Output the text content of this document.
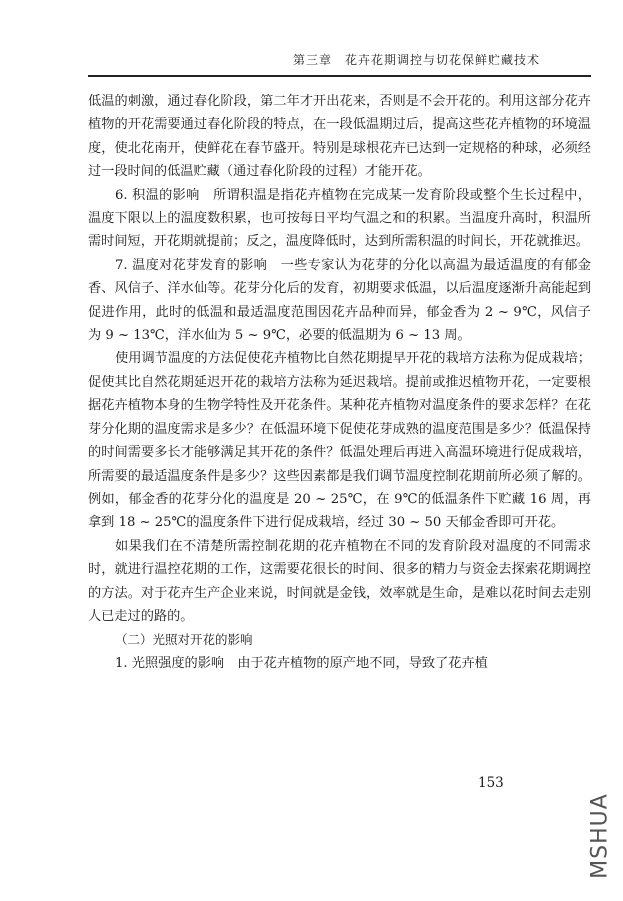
第三章　花卉花期调控与切花保鲜贮藏技术

低温的刺激，通过春化阶段，第二年才开出花来，否则是不会开花的。利用这部分花卉植物的开花需要通过春化阶段的特点，在一段低温期过后，提高这些花卉植物的环境温度，使北花南开，使鲜花在春节盛开。特别是球根花卉已达到一定规格的种球，必须经过一段时间的低温贮藏（通过春化阶段的过程）才能开花。

6. 积温的影响　所谓积温是指花卉植物在完成某一发育阶段或整个生长过程中，温度下限以上的温度数积累，也可按每日平均气温之和的积累。当温度升高时，积温所需时间短，开花期就提前；反之，温度降低时，达到所需积温的时间长，开花就推迟。

7. 温度对花芽发育的影响　一些专家认为花芽的分化以高温为最适温度的有郁金香、风信子、洋水仙等。花芽分化后的发育，初期要求低温，以后温度逐渐升高能起到促进作用，此时的低温和最适温度范围因花卉品种而异，郁金香为 2 ~ 9℃，风信子为 9 ~ 13℃，洋水仙为 5 ~ 9℃，必要的低温期为 6 ~ 13 周。

使用调节温度的方法促使花卉植物比自然花期提早开花的栽培方法称为促成栽培；促使其比自然花期延迟开花的栽培方法称为延迟栽培。提前或推迟植物开花，一定要根据花卉植物本身的生物学特性及开花条件。某种花卉植物对温度条件的要求怎样？在花芽分化期的温度需求是多少？在低温环境下促使花芽成熟的温度范围是多少？低温保持的时间需要多长才能够满足其开花的条件？低温处理后再进入高温环境进行促成栽培，所需要的最适温度条件是多少？这些因素都是我们调节温度控制花期前所必须了解的。例如，郁金香的花芽分化的温度是 20 ~ 25℃，在 9℃的低温条件下贮藏 16 周，再拿到 18 ~ 25℃的温度条件下进行促成栽培，经过 30 ~ 50 天郁金香即可开花。

如果我们在不清楚所需控制花期的花卉植物在不同的发育阶段对温度的不同需求时，就进行温控花期的工作，这需要花很长的时间、很多的精力与资金去探索花期调控的方法。对于花卉生产企业来说，时间就是金钱，效率就是生命，是难以花时间去走别人已走过的路的。

（二）光照对开花的影响

1. 光照强度的影响　由于花卉植物的原产地不同，导致了花卉植

153
MSHUA
